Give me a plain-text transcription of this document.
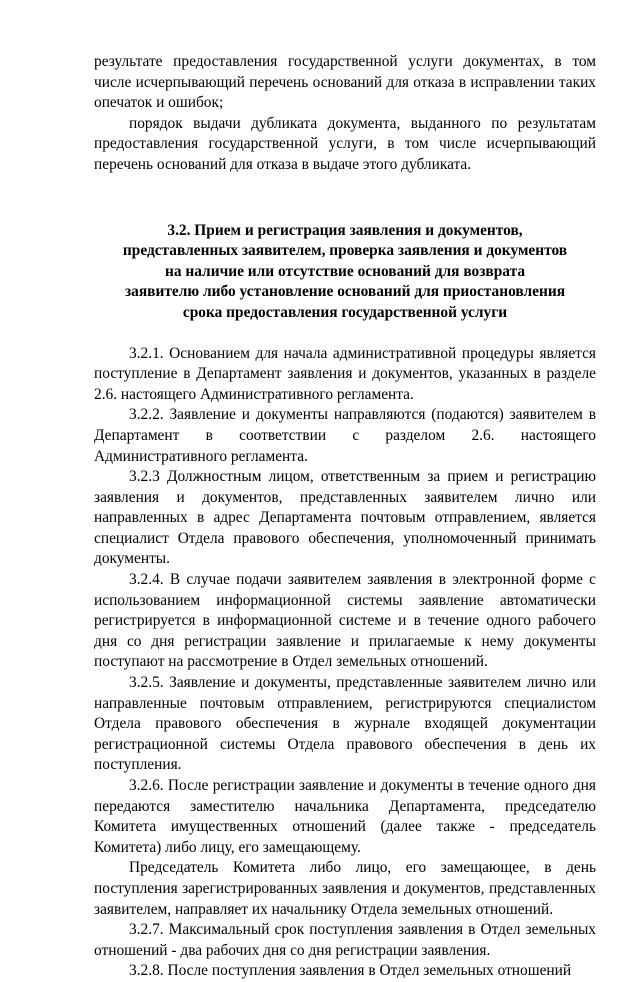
результате предоставления государственной услуги документах, в том числе исчерпывающий перечень оснований для отказа в исправлении таких опечаток и ошибок;

порядок выдачи дубликата документа, выданного по результатам предоставления государственной услуги, в том числе исчерпывающий перечень оснований для отказа в выдаче этого дубликата.

3.2. Прием и регистрация заявления и документов,
представленных заявителем, проверка заявления и документов
на наличие или отсутствие оснований для возврата
заявителю либо установление оснований для приостановления
срока предоставления государственной услуги

3.2.1. Основанием для начала административной процедуры является поступление в Департамент заявления и документов, указанных в разделе 2.6. настоящего Административного регламента.

3.2.2. Заявление и документы направляются (подаются) заявителем в Департамент в соответствии с разделом 2.6. настоящего Административного регламента.

3.2.3 Должностным лицом, ответственным за прием и регистрацию заявления и документов, представленных заявителем лично или направленных в адрес Департамента почтовым отправлением, является специалист Отдела правового обеспечения, уполномоченный принимать документы.

3.2.4. В случае подачи заявителем заявления в электронной форме с использованием информационной системы заявление автоматически регистрируется в информационной системе и в течение одного рабочего дня со дня регистрации заявление и прилагаемые к нему документы поступают на рассмотрение в Отдел земельных отношений.

3.2.5. Заявление и документы, представленные заявителем лично или направленные почтовым отправлением, регистрируются специалистом Отдела правового обеспечения в журнале входящей документации регистрационной системы Отдела правового обеспечения в день их поступления.

3.2.6. После регистрации заявление и документы в течение одного дня передаются заместителю начальника Департамента, председателю Комитета имущественных отношений (далее также - председатель Комитета) либо лицу, его замещающему.

Председатель Комитета либо лицо, его замещающее, в день поступления зарегистрированных заявления и документов, представленных заявителем, направляет их начальнику Отдела земельных отношений.

3.2.7. Максимальный срок поступления заявления в Отдел земельных отношений - два рабочих дня со дня регистрации заявления.

3.2.8. После поступления заявления в Отдел земельных отношений
